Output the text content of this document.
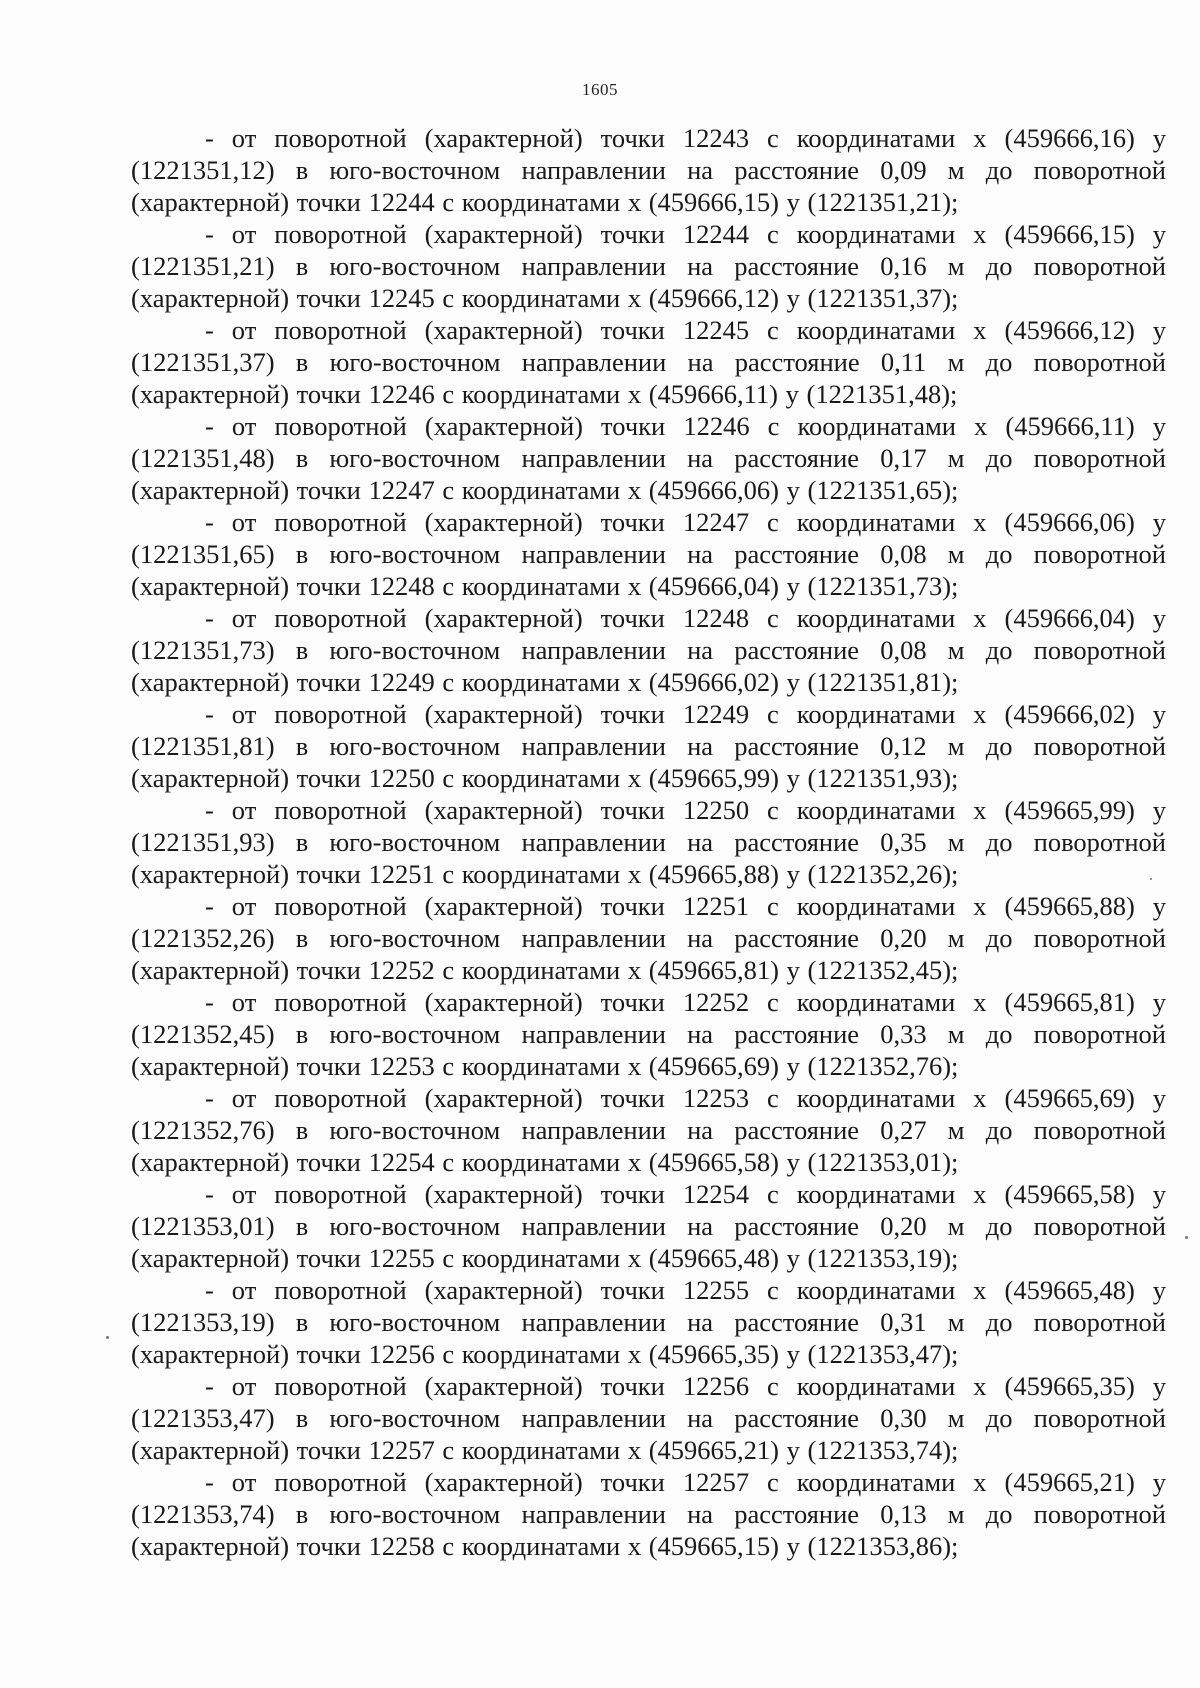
1605

- от поворотной (характерной) точки 12243 с координатами х (459666,16) у (1221351,12) в юго-восточном направлении на расстояние 0,09 м до поворотной (характерной) точки 12244 с координатами х (459666,15) у (1221351,21);

- от поворотной (характерной) точки 12244 с координатами х (459666,15) у (1221351,21) в юго-восточном направлении на расстояние 0,16 м до поворотной (характерной) точки 12245 с координатами х (459666,12) у (1221351,37);

- от поворотной (характерной) точки 12245 с координатами х (459666,12) у (1221351,37) в юго-восточном направлении на расстояние 0,11 м до поворотной (характерной) точки 12246 с координатами х (459666,11) у (1221351,48);

- от поворотной (характерной) точки 12246 с координатами х (459666,11) у (1221351,48) в юго-восточном направлении на расстояние 0,17 м до поворотной (характерной) точки 12247 с координатами х (459666,06) у (1221351,65);

- от поворотной (характерной) точки 12247 с координатами х (459666,06) у (1221351,65) в юго-восточном направлении на расстояние 0,08 м до поворотной (характерной) точки 12248 с координатами х (459666,04) у (1221351,73);

- от поворотной (характерной) точки 12248 с координатами х (459666,04) у (1221351,73) в юго-восточном направлении на расстояние 0,08 м до поворотной (характерной) точки 12249 с координатами х (459666,02) у (1221351,81);

- от поворотной (характерной) точки 12249 с координатами х (459666,02) у (1221351,81) в юго-восточном направлении на расстояние 0,12 м до поворотной (характерной) точки 12250 с координатами х (459665,99) у (1221351,93);

- от поворотной (характерной) точки 12250 с координатами х (459665,99) у (1221351,93) в юго-восточном направлении на расстояние 0,35 м до поворотной (характерной) точки 12251 с координатами х (459665,88) у (1221352,26);

- от поворотной (характерной) точки 12251 с координатами х (459665,88) у (1221352,26) в юго-восточном направлении на расстояние 0,20 м до поворотной (характерной) точки 12252 с координатами х (459665,81) у (1221352,45);

- от поворотной (характерной) точки 12252 с координатами х (459665,81) у (1221352,45) в юго-восточном направлении на расстояние 0,33 м до поворотной (характерной) точки 12253 с координатами х (459665,69) у (1221352,76);

- от поворотной (характерной) точки 12253 с координатами х (459665,69) у (1221352,76) в юго-восточном направлении на расстояние 0,27 м до поворотной (характерной) точки 12254 с координатами х (459665,58) у (1221353,01);

- от поворотной (характерной) точки 12254 с координатами х (459665,58) у (1221353,01) в юго-восточном направлении на расстояние 0,20 м до поворотной (характерной) точки 12255 с координатами х (459665,48) у (1221353,19);

- от поворотной (характерной) точки 12255 с координатами х (459665,48) у (1221353,19) в юго-восточном направлении на расстояние 0,31 м до поворотной (характерной) точки 12256 с координатами х (459665,35) у (1221353,47);

- от поворотной (характерной) точки 12256 с координатами х (459665,35) у (1221353,47) в юго-восточном направлении на расстояние 0,30 м до поворотной (характерной) точки 12257 с координатами х (459665,21) у (1221353,74);

- от поворотной (характерной) точки 12257 с координатами х (459665,21) у (1221353,74) в юго-восточном направлении на расстояние 0,13 м до поворотной (характерной) точки 12258 с координатами х (459665,15) у (1221353,86);
